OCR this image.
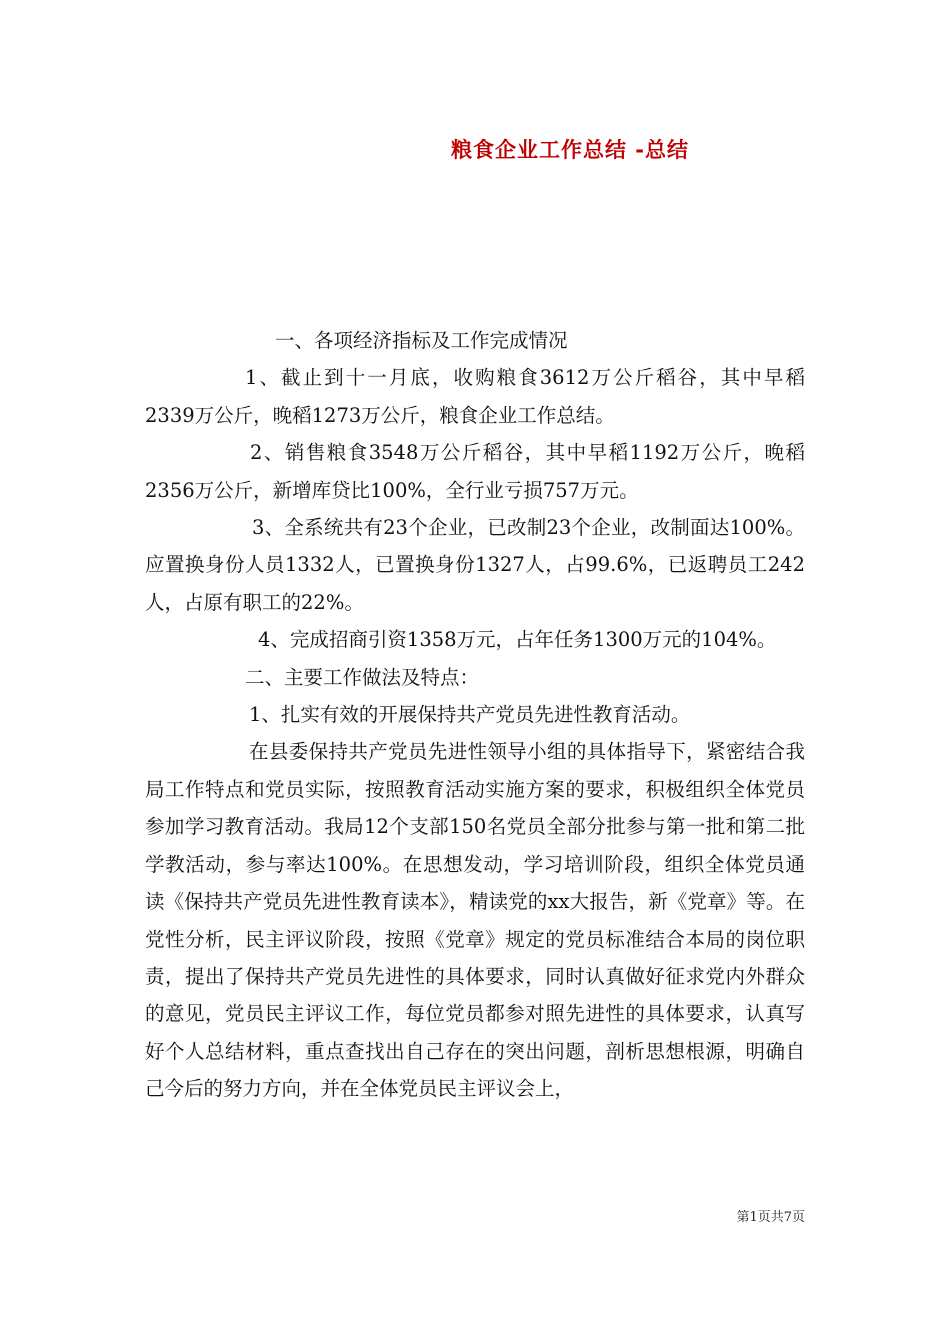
粮食企业工作总结 -总结

一、各项经济指标及工作完成情况

1、截止到十一月底，收购粮食3612万公斤稻谷，其中早稻2339万公斤，晚稻1273万公斤，粮食企业工作总结。

2、销售粮食3548万公斤稻谷，其中早稻1192万公斤，晚稻2356万公斤，新增库贷比100%，全行业亏损757万元。

3、全系统共有23个企业，已改制23个企业，改制面达100%。应置换身份人员1332人，已置换身份1327人，占99.6%，已返聘员工242人，占原有职工的22%。

4、完成招商引资1358万元，占年任务1300万元的104%。

二、主要工作做法及特点：

1、扎实有效的开展保持共产党员先进性教育活动。

在县委保持共产党员先进性领导小组的具体指导下，紧密结合我局工作特点和党员实际，按照教育活动实施方案的要求，积极组织全体党员参加学习教育活动。我局12个支部150名党员全部分批参与第一批和第二批学教活动，参与率达100%。在思想发动，学习培训阶段，组织全体党员通读《保持共产党员先进性教育读本》，精读党的xx大报告，新《党章》等。在党性分析，民主评议阶段，按照《党章》规定的党员标准结合本局的岗位职责，提出了保持共产党员先进性的具体要求，同时认真做好征求党内外群众的意见，党员民主评议工作，每位党员都参对照先进性的具体要求，认真写好个人总结材料，重点查找出自己存在的突出问题，剖析思想根源，明确自己今后的努力方向，并在全体党员民主评议会上，

第1页共7页
